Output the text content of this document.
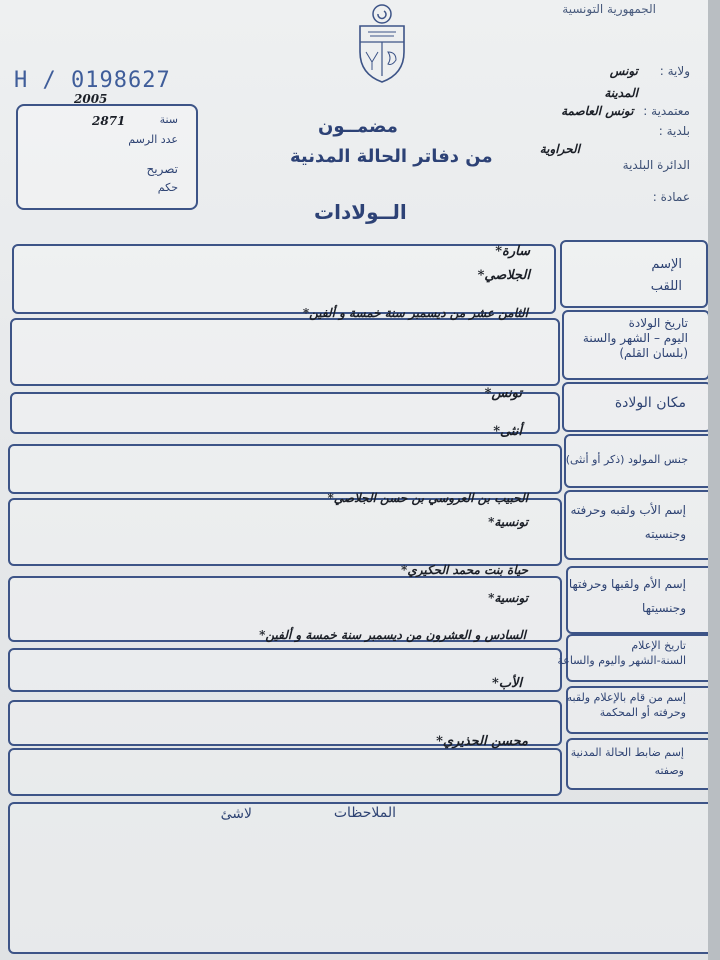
الجمهورية التونسية
H / 0198627
2005
سنة
2871
عدد الرسم
تصريح
حكم
مضمــون
من دفاتر الحالة المدنية
الــولادات
ولاية : تونس
المدينة
معتمدية : تونس العاصمة
بلدية :
الحراوية
الدائرة البلدية
عمادة :
الإسم
اللقب
سارة*
الجلاصي*
تاريخ الولادة
اليوم – الشهر والسنة
(بلسان القلم)
الثامن عشر من ديسمبر سنة خمسة و ألفين*
مكان الولادة
تونس*
جنس المولود (ذكر أو أنثى)
أنثى*
إسم الأب ولقبه وحرفته
وجنسيته
الحبيب بن العروسي بن حسن الجلاصي*
تونسية*
إسم الأم ولقبها وحرفتها
وجنسيتها
حياة بنت محمد الحكيري*
تونسية*
تاريخ الإعلام
السنة-الشهر واليوم والساعة
السادس و العشرون من ديسمبر سنة خمسة و ألفين*
إسم من قام بالإعلام ولقبه
وحرفته أو المحكمة
الأب*
إسم ضابط الحالة المدنية
وصفته
محسن الحذيري*
الملاحظات
لاشئ
